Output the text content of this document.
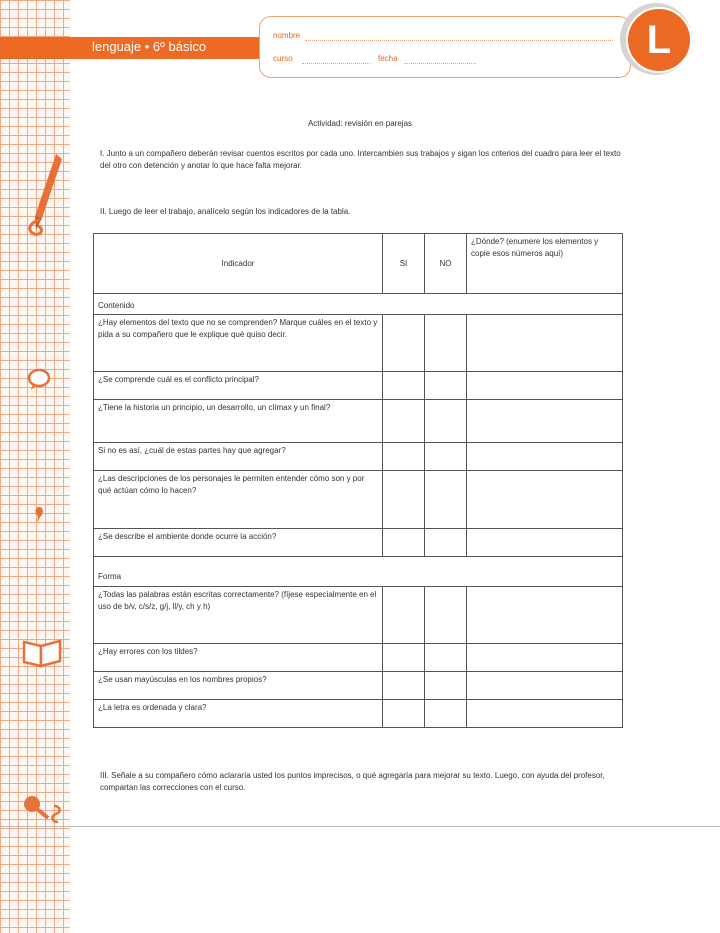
lenguaje • 6º básico
nombre
curso	fecha	L
Actividad: revisión en parejas
I. Junto a un compañero deberán revisar cuentos escritos por cada uno. Intercambien sus trabajos y sigan los criterios del cuadro para leer el texto del otro con detención y anotar lo que hace falta mejorar.
II. Luego de leer el trabajo, analícelo según los indicadores de la tabla.
Indicador	SI	NO	¿Dónde? (enumere los elementos y copie esos números aquí)
Contenido			
¿Hay elementos del texto que no se comprenden? Marque cuáles en el texto y pida a su compañero que le explique qué quiso decir.			
¿Se comprende cuál es el conflicto principal?			
¿Tiene la historia un principio, un desarrollo, un clímax y un final?			
Si no es así, ¿cuál de estas partes hay que agregar?			
¿Las descripciones de los personajes le permiten entender cómo son y por qué actúan cómo lo hacen?			
¿Se describe el ambiente donde ocurre la acción?			
Forma			
¿Todas las palabras están escritas correctamente? (fíjese especialmente en el uso de b/v, c/s/z, g/j, ll/y, ch y h)			
¿Hay errores con los tildes?			
¿Se usan mayúsculas en los nombres propios?			
¿La letra es ordenada y clara?			
III. Señale a su compañero cómo aclararía usted los puntos imprecisos, o qué agregaría para mejorar su texto. Luego, con ayuda del profesor, compartan las correcciones con el curso.
